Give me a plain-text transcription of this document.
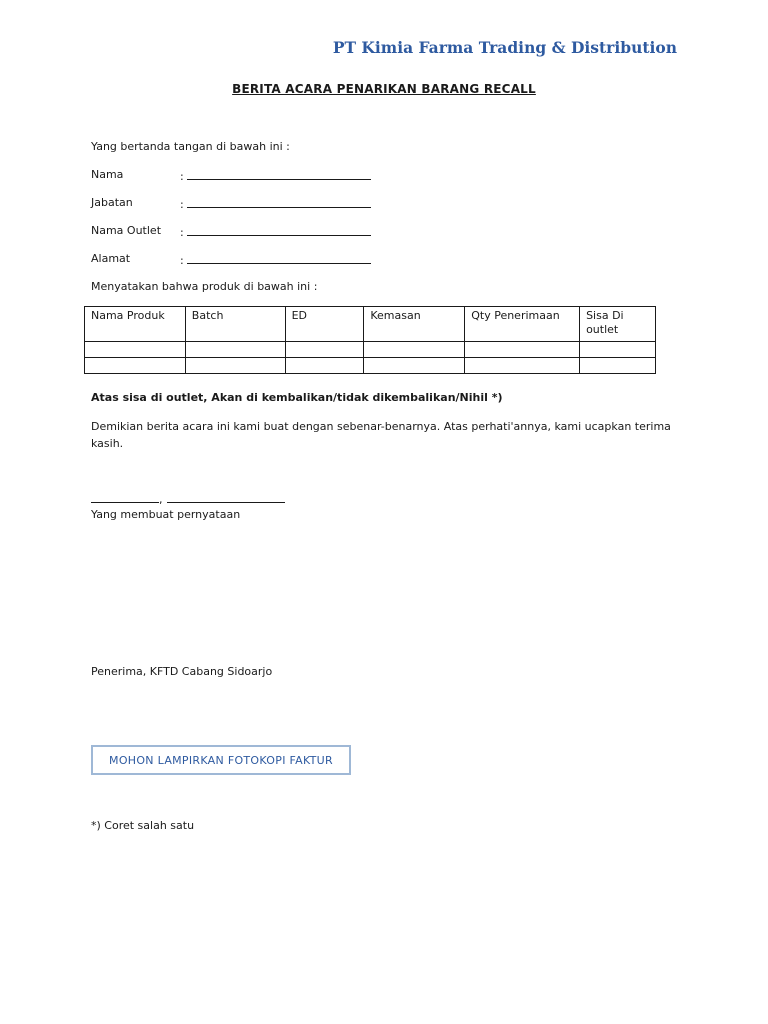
PT Kimia Farma Trading & Distribution
BERITA ACARA PENARIKAN BARANG RECALL
Yang bertanda tangan di bawah ini :
Nama	:
Jabatan	:
Nama Outlet :
Alamat	:
Menyatakan bahwa produk di bawah ini :
Nama Produk	Batch	ED	Kemasan	Qty Penerimaan	Sisa Di outlet

Atas sisa di outlet, Akan di kembalikan/tidak dikembalikan/Nihil *)
Demikian berita acara ini kami buat dengan sebenar-benarnya. Atas perhati'annya, kami ucapkan terima kasih.
,
Yang membuat pernyataan
Penerima, KFTD Cabang Sidoarjo
MOHON LAMPIRKAN FOTOKOPI FAKTUR
*) Coret salah satu
